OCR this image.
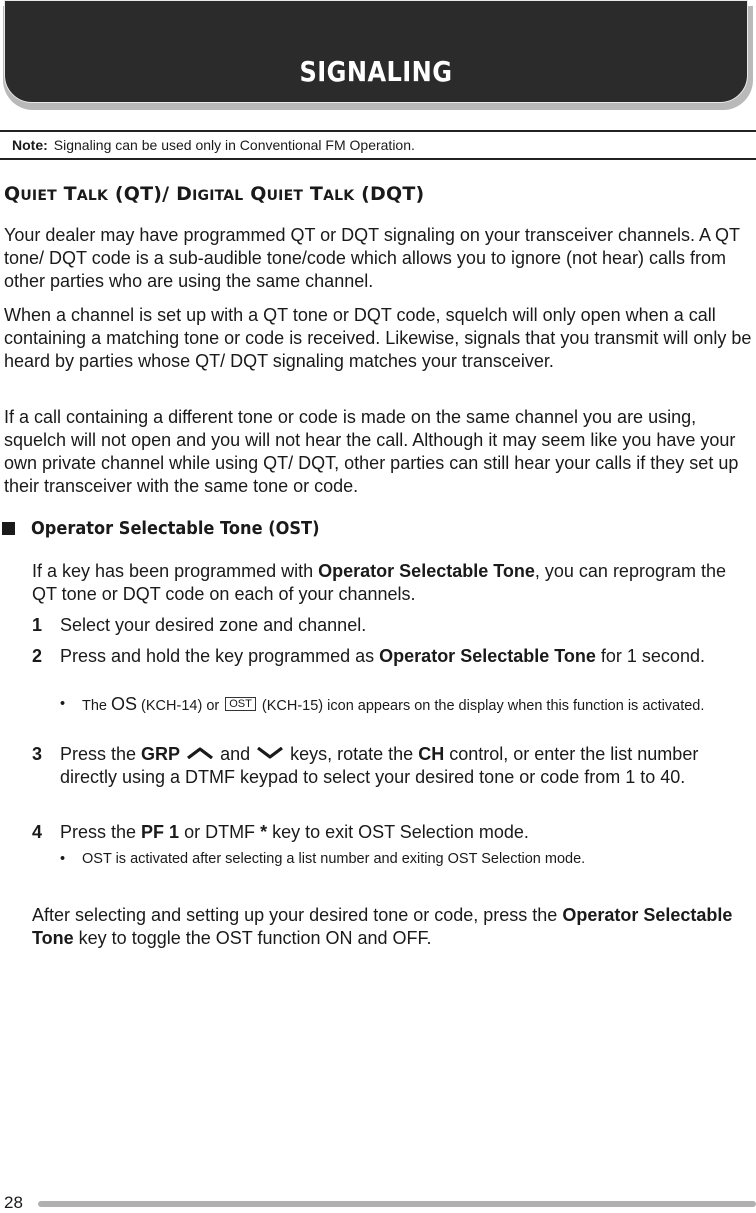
SIGNALING
Note: Signaling can be used only in Conventional FM Operation.
QUIET TALK (QT)/ DIGITAL QUIET TALK (DQT)

Your dealer may have programmed QT or DQT signaling on your transceiver channels. A QT tone/ DQT code is a sub-audible tone/code which allows you to ignore (not hear) calls from other parties who are using the same channel.

When a channel is set up with a QT tone or DQT code, squelch will only open when a call containing a matching tone or code is received. Likewise, signals that you transmit will only be heard by parties whose QT/ DQT signaling matches your transceiver.

If a call containing a different tone or code is made on the same channel you are using, squelch will not open and you will not hear the call. Although it may seem like you have your own private channel while using QT/ DQT, other parties can still hear your calls if they set up their transceiver with the same tone or code.

Operator Selectable Tone (OST)

If a key has been programmed with Operator Selectable Tone, you can reprogram the QT tone or DQT code on each of your channels.

1 Select your desired zone and channel.
2 Press and hold the key programmed as Operator Selectable Tone for 1 second.
• The OS (KCH-14) or OST (KCH-15) icon appears on the display when this function is activated.
3 Press the GRP  and  keys, rotate the CH control, or enter the list number directly using a DTMF keypad to select your desired tone or code from 1 to 40.
4 Press the PF 1 or DTMF * key to exit OST Selection mode.
• OST is activated after selecting a list number and exiting OST Selection mode.

After selecting and setting up your desired tone or code, press the Operator Selectable Tone key to toggle the OST function ON and OFF.

28
